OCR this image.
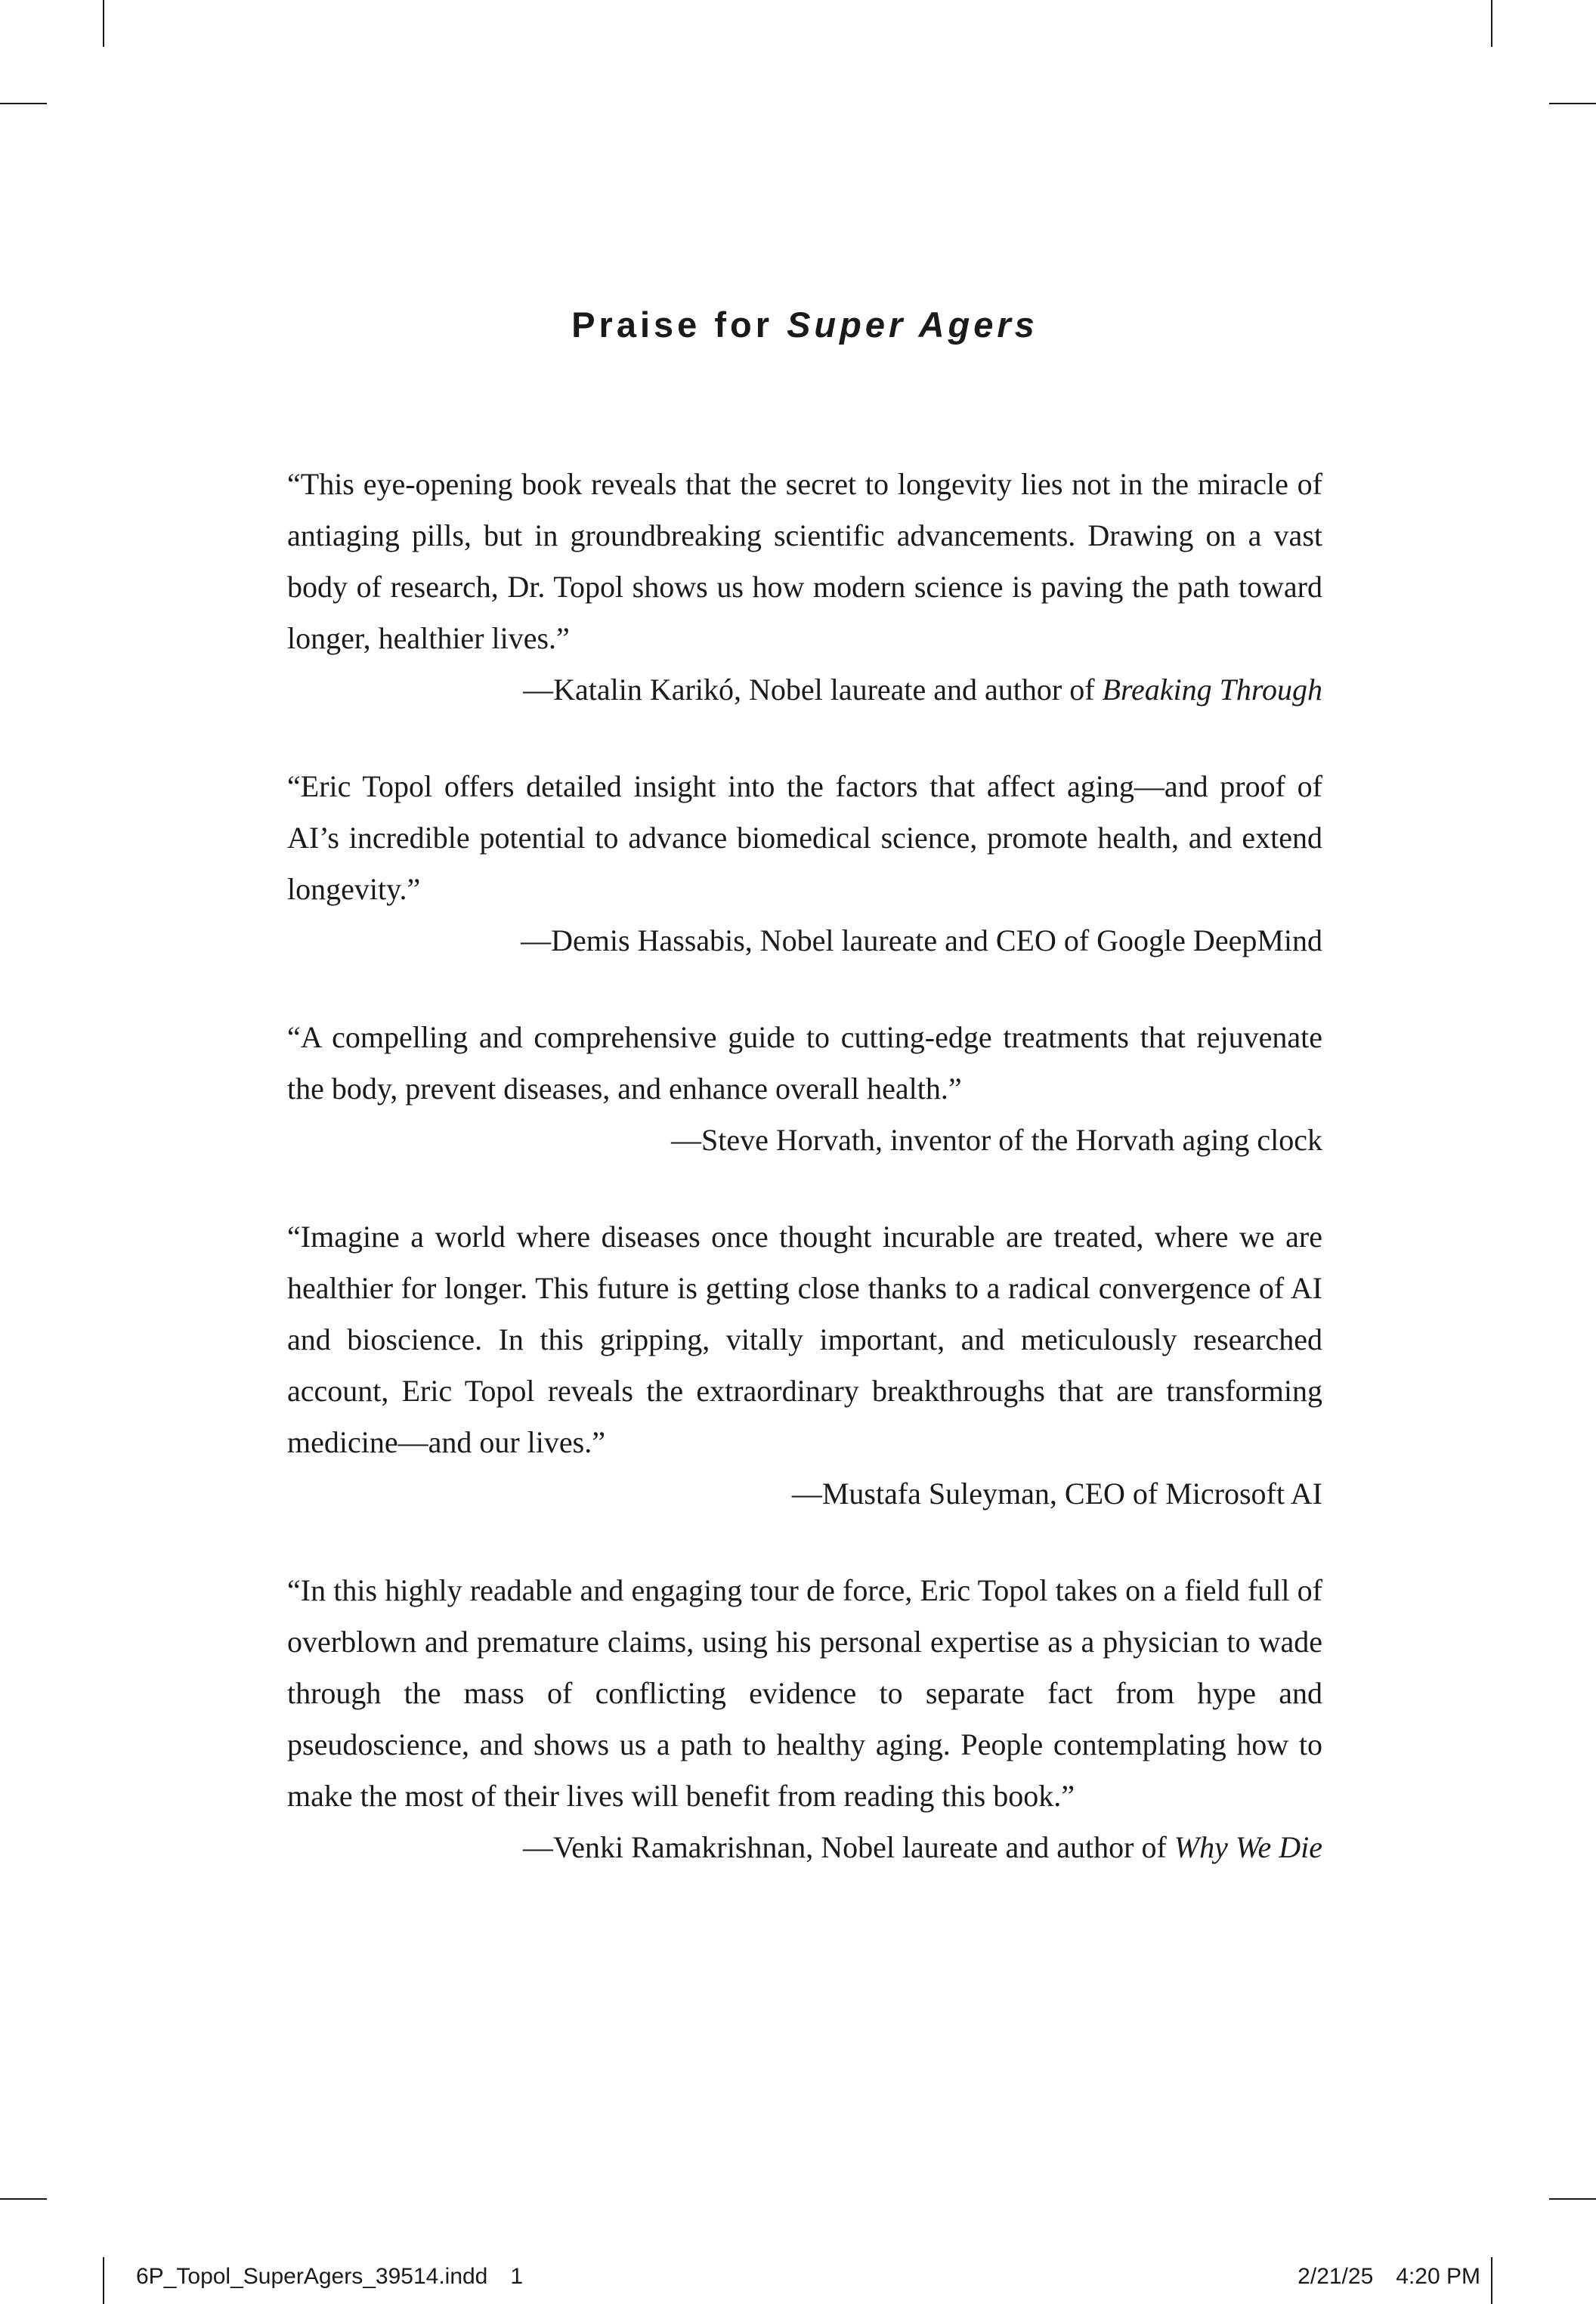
Praise for Super Agers

“This eye-opening book reveals that the secret to longevity lies not in the miracle of antiaging pills, but in groundbreaking scientific advancements. Drawing on a vast body of research, Dr. Topol shows us how modern science is paving the path toward longer, healthier lives.”

—Katalin Karikó, Nobel laureate and author of Breaking Through

“Eric Topol offers detailed insight into the factors that affect aging—and proof of AI’s incredible potential to advance biomedical science, promote health, and extend longevity.”

—Demis Hassabis, Nobel laureate and CEO of Google DeepMind

“A compelling and comprehensive guide to cutting-edge treatments that rejuvenate the body, prevent diseases, and enhance overall health.”

—Steve Horvath, inventor of the Horvath aging clock

“Imagine a world where diseases once thought incurable are treated, where we are healthier for longer. This future is getting close thanks to a radical convergence of AI and bioscience. In this gripping, vitally important, and meticulously researched account, Eric Topol reveals the extraordinary breakthroughs that are transforming medicine—and our lives.”

—Mustafa Suleyman, CEO of Microsoft AI

“In this highly readable and engaging tour de force, Eric Topol takes on a field full of overblown and premature claims, using his personal expertise as a physician to wade through the mass of conflicting evidence to separate fact from hype and pseudoscience, and shows us a path to healthy aging. People contemplating how to make the most of their lives will benefit from reading this book.”

—Venki Ramakrishnan, Nobel laureate and author of Why We Die

6P_Topol_SuperAgers_39514.indd 1	2/21/25 4:20 PM
